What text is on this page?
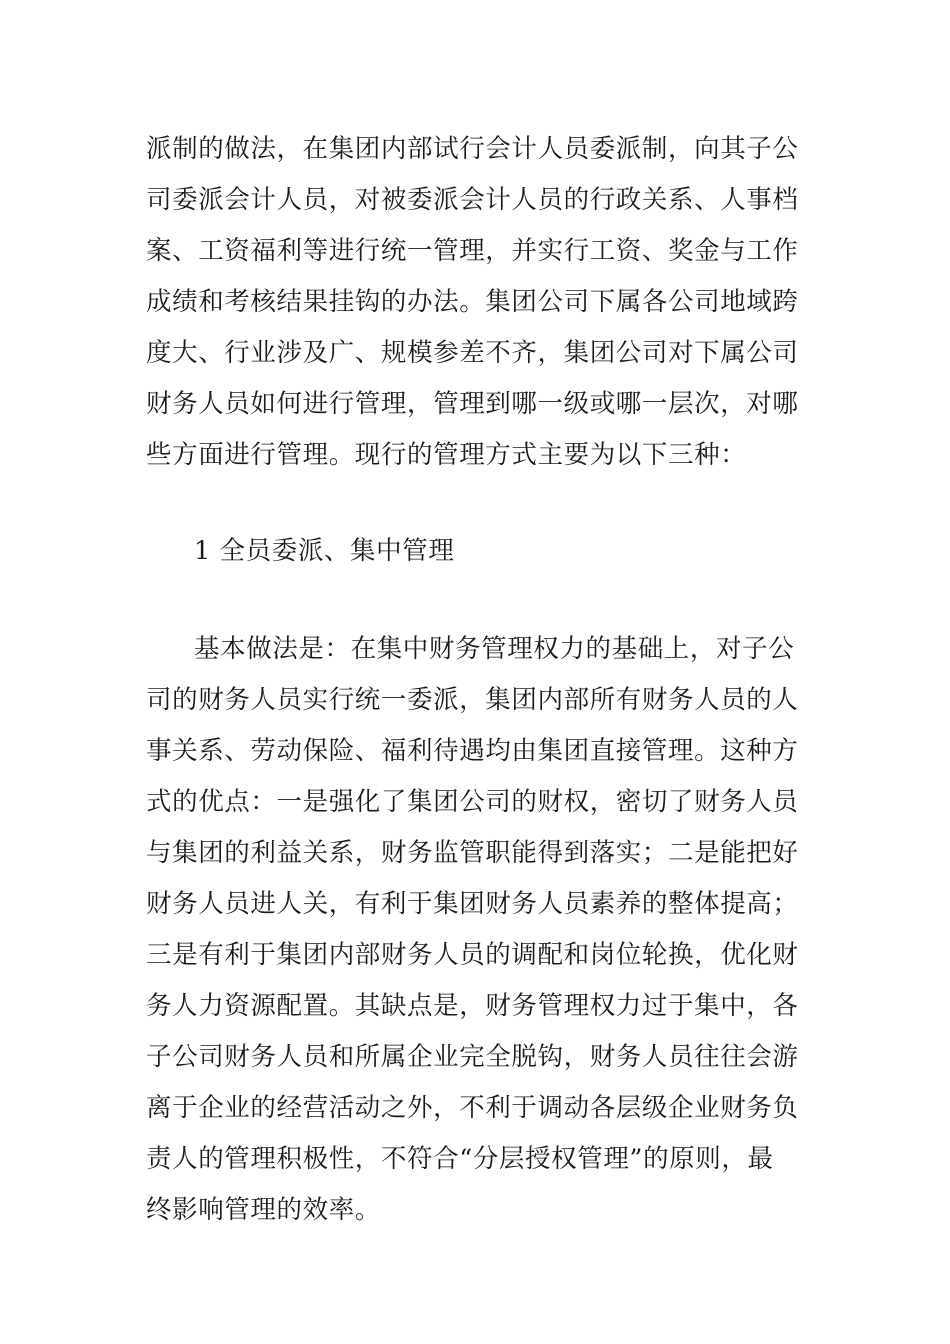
派制的做法，在集团内部试行会计人员委派制，向其子公
司委派会计人员，对被委派会计人员的行政关系、人事档
案、工资福利等进行统一管理，并实行工资、奖金与工作
成绩和考核结果挂钩的办法。集团公司下属各公司地域跨
度大、行业涉及广、规模参差不齐，集团公司对下属公司
财务人员如何进行管理，管理到哪一级或哪一层次，对哪
些方面进行管理。现行的管理方式主要为以下三种：
1 全员委派、集中管理
基本做法是：在集中财务管理权力的基础上，对子公
司的财务人员实行统一委派，集团内部所有财务人员的人
事关系、劳动保险、福利待遇均由集团直接管理。这种方
式的优点：一是强化了集团公司的财权，密切了财务人员
与集团的利益关系，财务监管职能得到落实；二是能把好
财务人员进人关，有利于集团财务人员素养的整体提高；
三是有利于集团内部财务人员的调配和岗位轮换，优化财
务人力资源配置。其缺点是，财务管理权力过于集中，各
子公司财务人员和所属企业完全脱钩，财务人员往往会游
离于企业的经营活动之外，不利于调动各层级企业财务负
责人的管理积极性，不符合“分层授权管理”的原则，最
终影响管理的效率。
